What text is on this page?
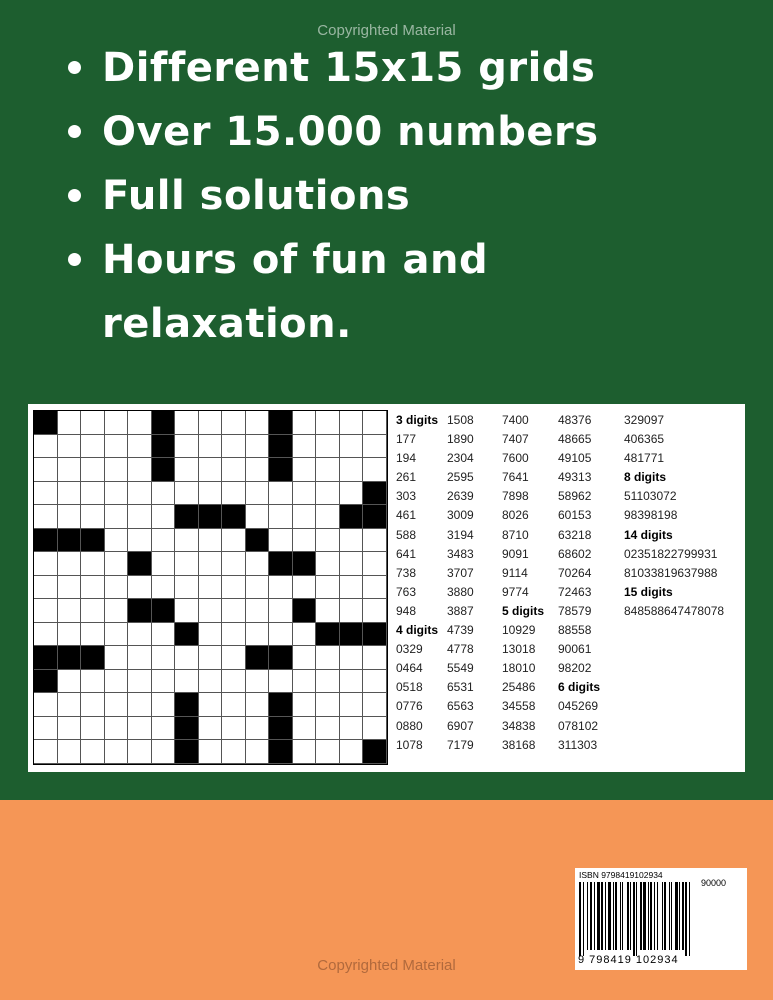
Copyrighted Material
Different 15x15 grids
Over 15.000 numbers
Full solutions
Hours of fun and
relaxation.
3 digits
177
194
261
303
461
588
641
738
763
948
4 digits
0329
0464
0518
0776
0880
1078
1508
1890
2304
2595
2639
3009
3194
3483
3707
3880
3887
4739
4778
5549
6531
6563
6907
7179
7400
7407
7600
7641
7898
8026
8710
9091
9114
9774
5 digits
10929
13018
18010
25486
34558
34838
38168
48376
48665
49105
49313
58962
60153
63218
68602
70264
72463
78579
88558
90061
98202
6 digits
045269
078102
311303
329097
406365
481771
8 digits
51103072
98398198
14 digits
02351822799931
81033819637988
15 digits
848588647478078
ISBN 9798419102934
90000
9 798419 102934
Copyrighted Material
